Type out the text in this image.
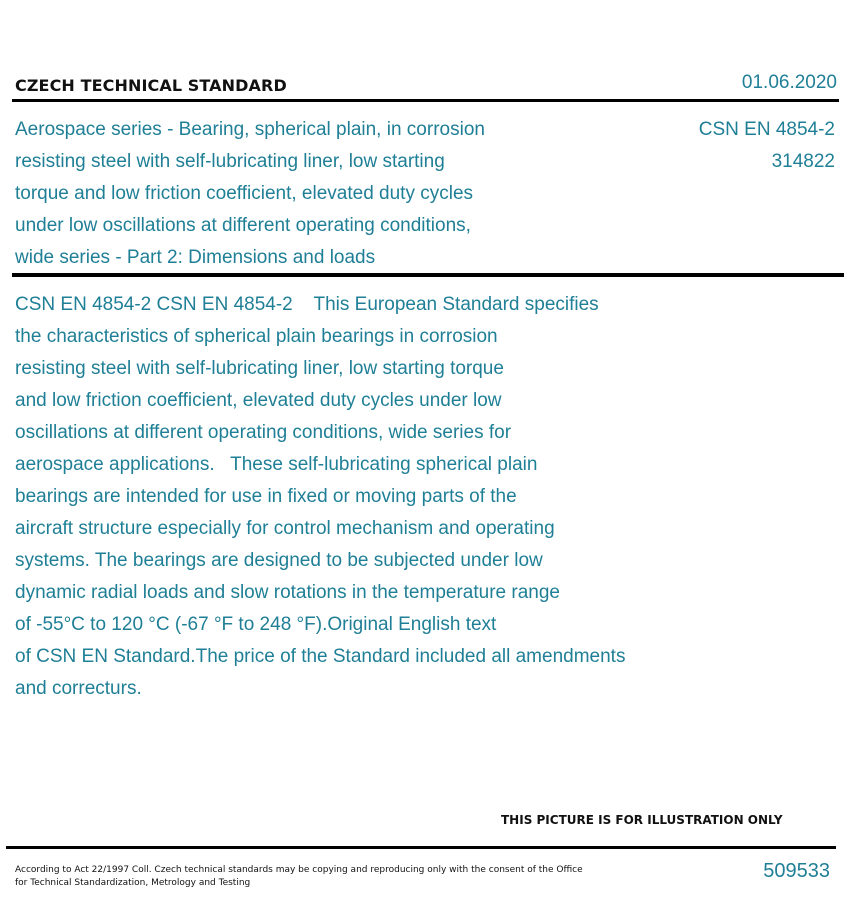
CZECH TECHNICAL STANDARD	01.06.2020
Aerospace series - Bearing, spherical plain, in corrosion
resisting steel with self-lubricating liner, low starting
torque and low friction coefficient, elevated duty cycles
under low oscillations at different operating conditions,
wide series - Part 2: Dimensions and loads
CSN EN 4854-2
314822
CSN EN 4854-2 CSN EN 4854-2    This European Standard specifies
the characteristics of spherical plain bearings in corrosion
resisting steel with self-lubricating liner, low starting torque
and low friction coefficient, elevated duty cycles under low
oscillations at different operating conditions, wide series for
aerospace applications.   These self-lubricating spherical plain
bearings are intended for use in fixed or moving parts of the
aircraft structure especially for control mechanism and operating
systems. The bearings are designed to be subjected under low
dynamic radial loads and slow rotations in the temperature range
of -55°C to 120 °C (-67 °F to 248 °F).Original English text
of CSN EN Standard.The price of the Standard included all amendments
and correcturs.
THIS PICTURE IS FOR ILLUSTRATION ONLY
According to Act 22/1997 Coll. Czech technical standards may be copying and reproducing only with the consent of the Office
for Technical Standardization, Metrology and Testing
509533
